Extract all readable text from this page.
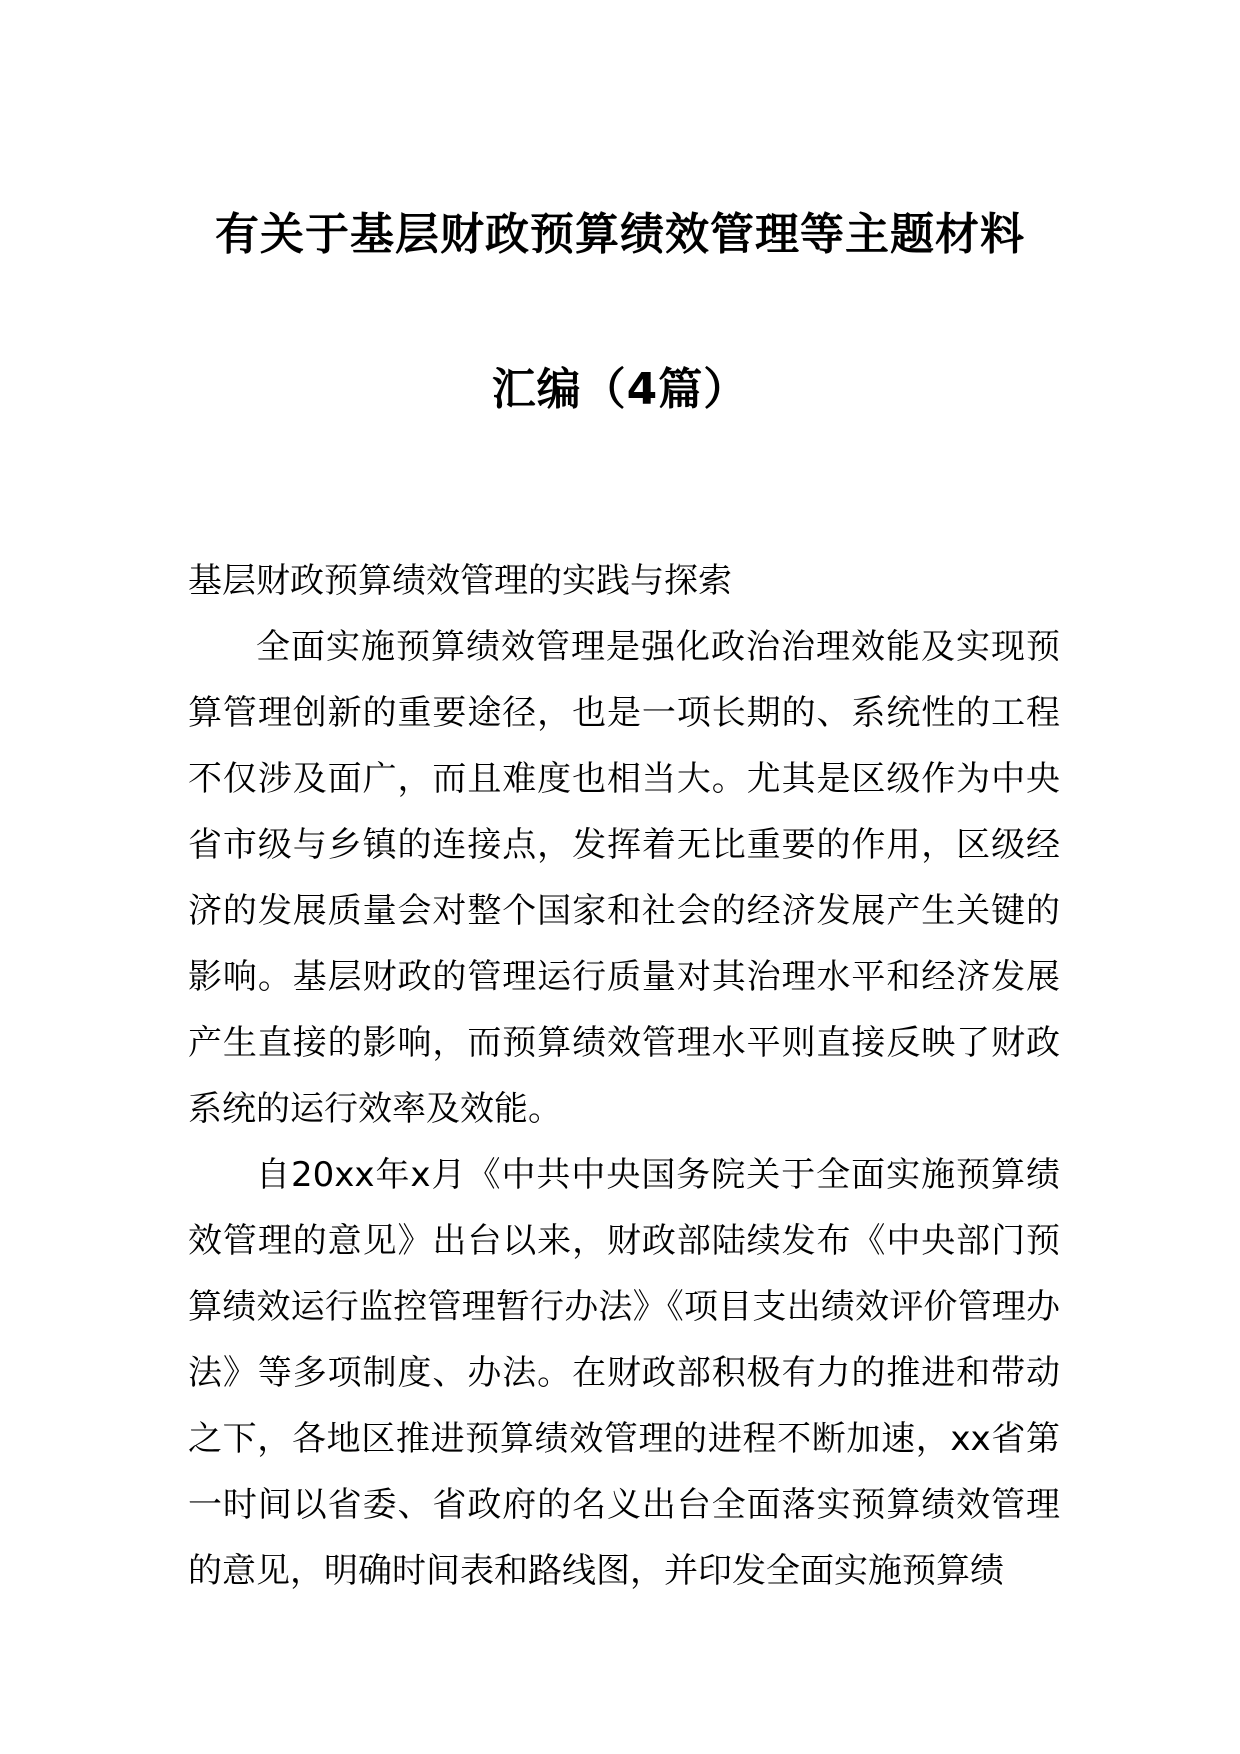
有关于基层财政预算绩效管理等主题材料
汇编（4篇）
基层财政预算绩效管理的实践与探索

全面实施预算绩效管理是强化政治治理效能及实现预算管理创新的重要途径，也是一项长期的、系统性的工程不仅涉及面广，而且难度也相当大。尤其是区级作为中央省市级与乡镇的连接点，发挥着无比重要的作用，区级经济的发展质量会对整个国家和社会的经济发展产生关键的影响。基层财政的管理运行质量对其治理水平和经济发展产生直接的影响，而预算绩效管理水平则直接反映了财政系统的运行效率及效能。

自20xx年x月《中共中央国务院关于全面实施预算绩效管理的意见》出台以来，财政部陆续发布《中央部门预算绩效运行监控管理暂行办法》《项目支出绩效评价管理办法》等多项制度、办法。在财政部积极有力的推进和带动之下，各地区推进预算绩效管理的进程不断加速，xx省第一时间以省委、省政府的名义出台全面落实预算绩效管理的意见，明确时间表和路线图，并印发全面实施预算绩
